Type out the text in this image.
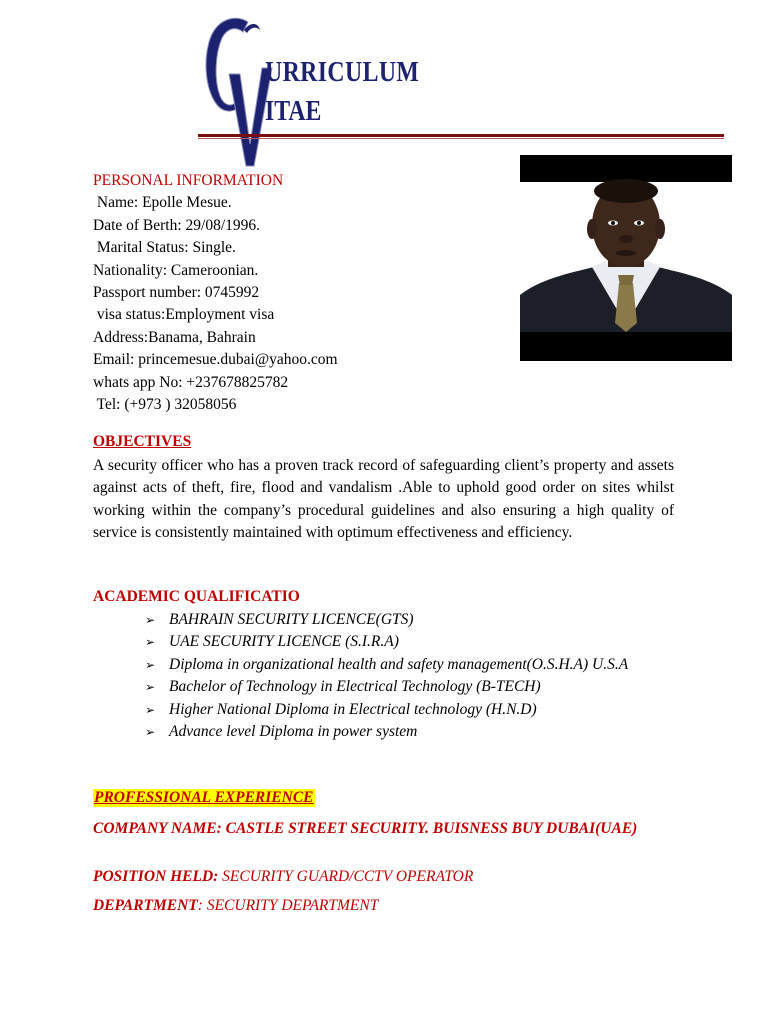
URRICULUM
ITAE
PERSONAL INFORMATION
Name: Epolle Mesue.
Date of Berth: 29/08/1996.
Marital Status: Single.
Nationality: Cameroonian.
Passport number: 0745992
visa status:Employment visa
Address:Banama, Bahrain
Email: princemesue.dubai@yahoo.com
whats app No: +237678825782
Tel: (+973 ) 32058056
OBJECTIVES
A security officer who has a proven track record of safeguarding client’s property and assets against acts of theft, fire, flood and vandalism .Able to uphold good order on sites whilst working within the company’s procedural guidelines and also ensuring a high quality of service is consistently maintained with optimum effectiveness and efficiency.
ACADEMIC QUALIFICATIO
➢ BAHRAIN SECURITY LICENCE(GTS)
➢ UAE SECURITY LICENCE (S.I.R.A)
➢ Diploma in organizational health and safety management(O.S.H.A) U.S.A
➢ Bachelor of Technology in Electrical Technology (B-TECH)
➢ Higher National Diploma in Electrical technology (H.N.D)
➢ Advance level Diploma in power system
PROFESSIONAL EXPERIENCE
COMPANY NAME: CASTLE STREET SECURITY. BUISNESS BUY DUBAI(UAE)
POSITION HELD: SECURITY GUARD/CCTV OPERATOR
DEPARTMENT: SECURITY DEPARTMENT
